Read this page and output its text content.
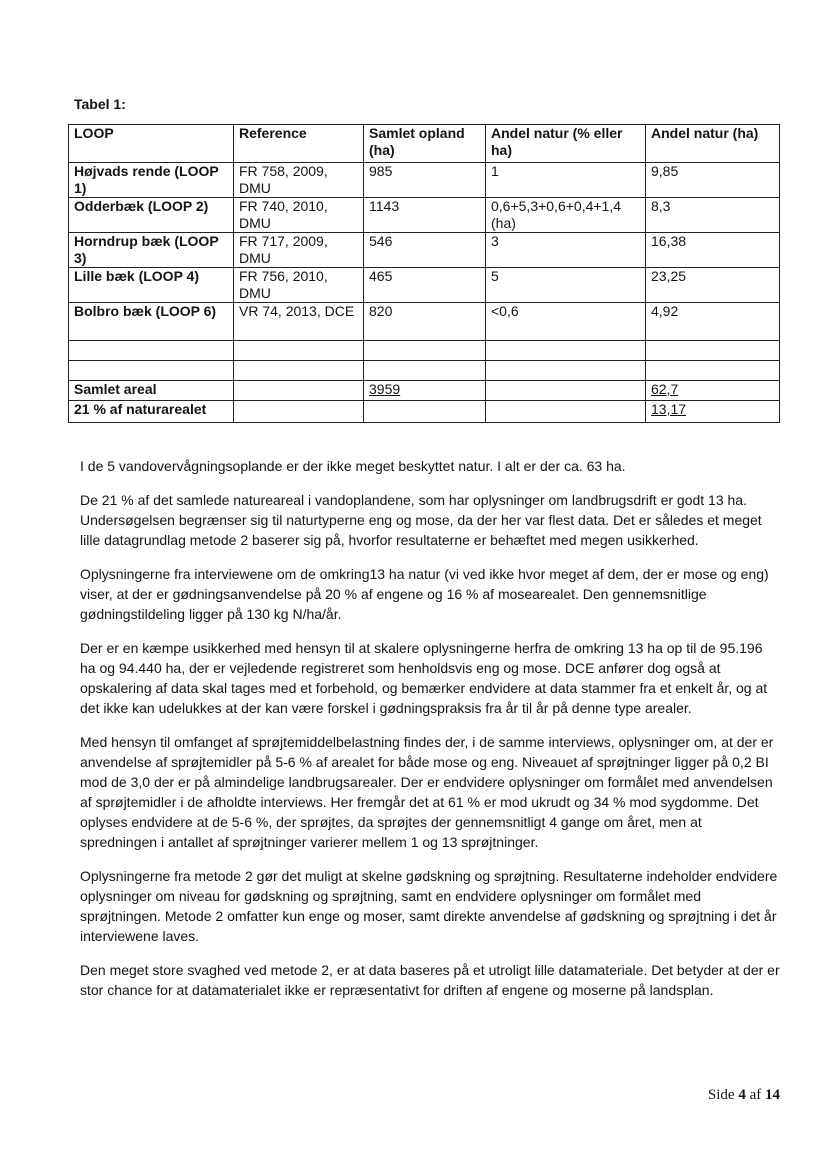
Tabel 1:
LOOP	Reference	Samlet opland (ha)	Andel natur (% eller ha)	Andel natur (ha)
Højvads rende (LOOP 1)	FR 758, 2009, DMU	985	1	9,85
Odderbæk (LOOP 2)	FR 740, 2010, DMU	1143	0,6+5,3+0,6+0,4+1,4 (ha)	8,3
Horndrup bæk (LOOP 3)	FR 717, 2009, DMU	546	3	16,38
Lille bæk (LOOP 4)	FR 756, 2010, DMU	465	5	23,25
Bolbro bæk (LOOP 6)	VR 74, 2013, DCE	820	<0,6	4,92

Samlet areal		3959		62,7
21 % af naturarealet				13,17

I de 5 vandovervågningsoplande er der ikke meget beskyttet natur. I alt er der ca. 63 ha.

De 21 % af det samlede natureareal i vandoplandene, som har oplysninger om landbrugsdrift er godt 13 ha. Undersøgelsen begrænser sig til naturtyperne eng og mose, da der her var flest data. Det er således et meget lille datagrundlag metode 2 baserer sig på, hvorfor resultaterne er behæftet med megen usikkerhed.

Oplysningerne fra interviewene om de omkring13 ha natur (vi ved ikke hvor meget af dem, der er mose og eng) viser, at der er gødningsanvendelse på 20 % af engene og 16 % af mosearealet. Den gennemsnitlige gødningstildeling ligger på 130 kg N/ha/år.

Der er en kæmpe usikkerhed med hensyn til at skalere oplysningerne herfra de omkring 13 ha op til de 95.196 ha og 94.440 ha, der er vejledende registreret som henholdsvis eng og mose. DCE anfører dog også at opskalering af data skal tages med et forbehold, og bemærker endvidere at data stammer fra et enkelt år, og at det ikke kan udelukkes at der kan være forskel i gødningspraksis fra år til år på denne type arealer.

Med hensyn til omfanget af sprøjtemiddelbelastning findes der, i de samme interviews, oplysninger om, at der er anvendelse af sprøjtemidler på 5-6 % af arealet for både mose og eng. Niveauet af sprøjtninger ligger på 0,2 BI mod de 3,0 der er på almindelige landbrugsarealer. Der er endvidere oplysninger om formålet med anvendelsen af sprøjtemidler i de afholdte interviews. Her fremgår det at 61 % er mod ukrudt og 34 % mod sygdomme. Det oplyses endvidere at de 5-6 %, der sprøjtes, da sprøjtes der gennemsnitligt 4 gange om året, men at spredningen i antallet af sprøjtninger varierer mellem 1 og 13 sprøjtninger.

Oplysningerne fra metode 2 gør det muligt at skelne gødskning og sprøjtning. Resultaterne indeholder endvidere oplysninger om niveau for gødskning og sprøjtning, samt en endvidere oplysninger om formålet med sprøjtningen. Metode 2 omfatter kun enge og moser, samt direkte anvendelse af gødskning og sprøjtning i det år interviewene laves.

Den meget store svaghed ved metode 2, er at data baseres på et utroligt lille datamateriale. Det betyder at der er stor chance for at datamaterialet ikke er repræsentativt for driften af engene og moserne på landsplan.

Side 4 af 14
